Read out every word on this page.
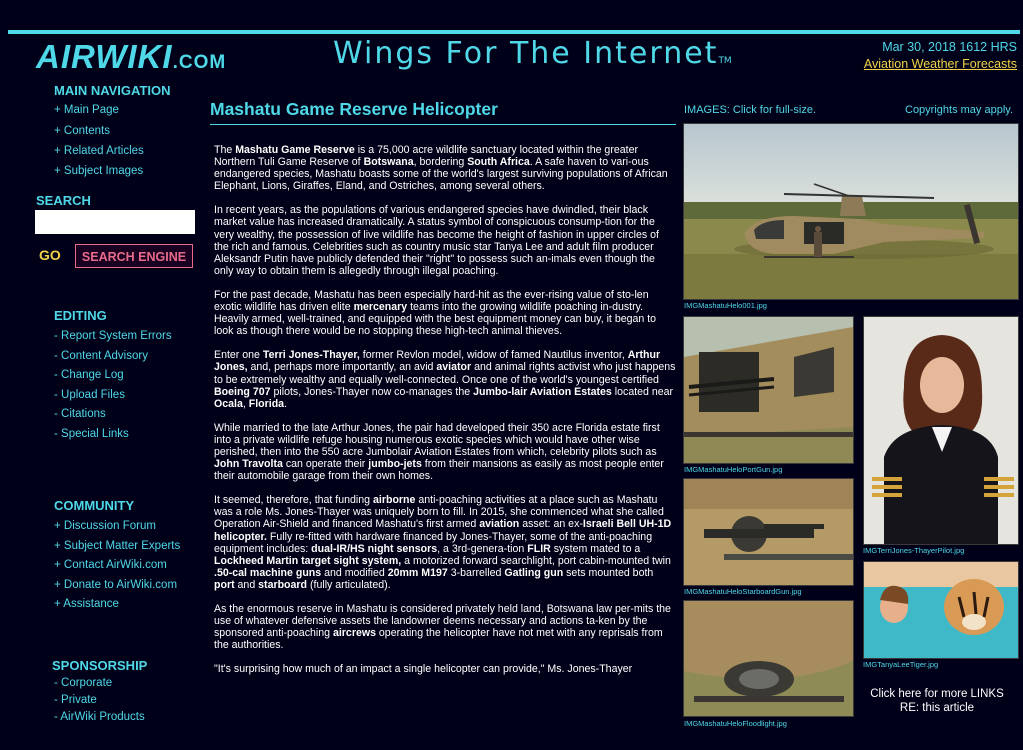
AIRWIKI.COM	Wings For The InternetTM
Mar 30, 2018 1612 HRS
Aviation Weather Forecasts
MAIN NAVIGATION
+ Main Page
+ Contents
+ Related Articles
+ Subject Images
SEARCH
GO	SEARCH ENGINE
EDITING
- Report System Errors
- Content Advisory
- Change Log
- Upload Files
- Citations
- Special Links
COMMUNITY
+ Discussion Forum
+ Subject Matter Experts
+ Contact AirWiki.com
+ Donate to AirWiki.com
+ Assistance
SPONSORSHIP
- Corporate
- Private
- AirWiki Products
Mashatu Game Reserve Helicopter

The Mashatu Game Reserve is a 75,000 acre wildlife sanctuary located within the greater Northern Tuli Game Reserve of Botswana, bordering South Africa. A safe haven to vari-ous endangered species, Mashatu boasts some of the world's largest surviving populations of African Elephant, Lions, Giraffes, Eland, and Ostriches, among several others.

In recent years, as the populations of various endangered species have dwindled, their black market value has increased dramatically. A status symbol of conspicuous consump-tion for the very wealthy, the possession of live wildlife has become the height of fashion in upper circles of the rich and famous. Celebrities such as country music star Tanya Lee and adult film producer Aleksandr Putin have publicly defended their "right" to possess such an-imals even though the only way to obtain them is allegedly through illegal poaching.

For the past decade, Mashatu has been especially hard-hit as the ever-rising value of sto-len exotic wildlife has driven elite mercenary teams into the growing wildlife poaching in-dustry. Heavily armed, well-trained, and equipped with the best equipment money can buy, it began to look as though there would be no stopping these high-tech animal thieves.

Enter one Terri Jones-Thayer, former Revlon model, widow of famed Nautilus inventor, Arthur Jones, and, perhaps more importantly, an avid aviator and animal rights activist who just happens to be extremely wealthy and equally well-connected. Once one of the world's youngest certified Boeing 707 pilots, Jones-Thayer now co-manages the Jumbo-lair Aviation Estates located near Ocala, Florida.

While married to the late Arthur Jones, the pair had developed their 350 acre Florida estate first into a private wildlife refuge housing numerous exotic species which would have other wise perished, then into the 550 acre Jumbolair Aviation Estates from which, celebrity pilots such as John Travolta can operate their jumbo-jets from their mansions as easily as most people enter their automobile garage from their own homes.

It seemed, therefore, that funding airborne anti-poaching activities at a place such as Mashatu was a role Ms. Jones-Thayer was uniquely born to fill. In 2015, she commenced what she called Operation Air-Shield and financed Mashatu's first armed aviation asset: an ex-Israeli Bell UH-1D helicopter. Fully re-fitted with hardware financed by Jones-Thayer, some of the anti-poaching equipment includes: dual-IR/HS night sensors, a 3rd-genera-tion FLIR system mated to a Lockheed Martin target sight system, a motorized forward searchlight, port cabin-mounted twin .50-cal machine guns and modified 20mm M197 3-barrelled Gatling gun sets mounted both port and starboard (fully articulated).

As the enormous reserve in Mashatu is considered privately held land, Botswana law per-mits the use of whatever defensive assets the landowner deems necessary and actions ta-ken by the sponsored anti-poaching aircrews operating the helicopter have not met with any reprisals from the authorities.

"It's surprising how much of an impact a single helicopter can provide," Ms. Jones-Thayer

IMAGES: Click for full-size.	Copyrights may apply.
IMGMashatuHelo001.jpg
IMGMashatuHeloPortGun.jpg
IMGMashatuHeloStarboardGun.jpg
IMGMashatuHeloFloodlight.jpg
IMGTerriJones-ThayerPilot.jpg
IMGTanyaLeeTiger.jpg
Click here for more LINKS RE: this article
